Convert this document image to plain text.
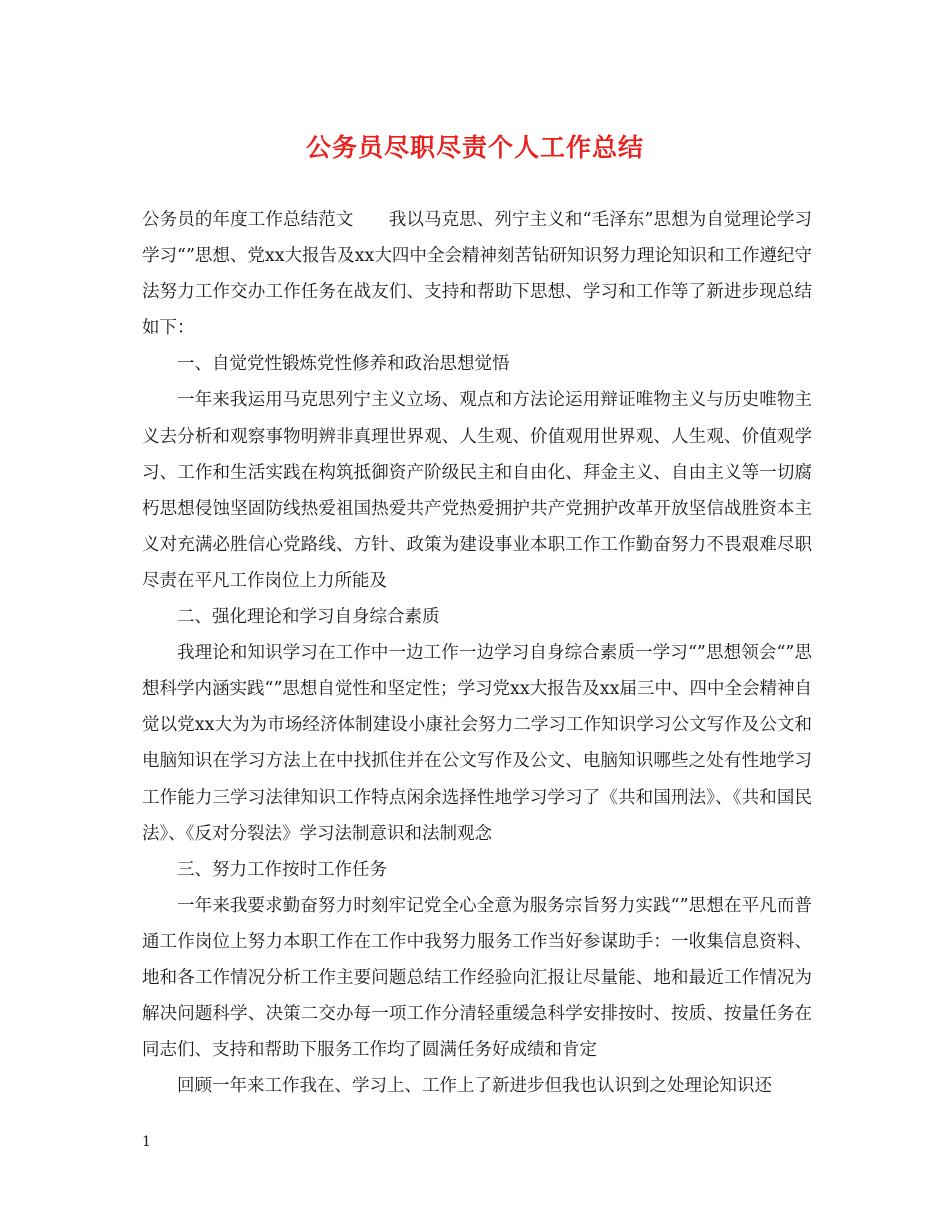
公务员尽职尽责个人工作总结

公务员的年度工作总结范文　　我以马克思、列宁主义和“毛泽东”思想为自觉理论学习学习“”思想、党xx大报告及xx大四中全会精神刻苦钻研知识努力理论知识和工作遵纪守法努力工作交办工作任务在战友们、支持和帮助下思想、学习和工作等了新进步现总结如下：

一、自觉党性锻炼党性修养和政治思想觉悟

一年来我运用马克思列宁主义立场、观点和方法论运用辩证唯物主义与历史唯物主义去分析和观察事物明辨非真理世界观、人生观、价值观用世界观、人生观、价值观学习、工作和生活实践在构筑抵御资产阶级民主和自由化、拜金主义、自由主义等一切腐朽思想侵蚀坚固防线热爱祖国热爱共产党热爱拥护共产党拥护改革开放坚信战胜资本主义对充满必胜信心党路线、方针、政策为建设事业本职工作工作勤奋努力不畏艰难尽职尽责在平凡工作岗位上力所能及

二、强化理论和学习自身综合素质

我理论和知识学习在工作中一边工作一边学习自身综合素质一学习“”思想领会“”思想科学内涵实践“”思想自觉性和坚定性；学习党xx大报告及xx届三中、四中全会精神自觉以党xx大为为市场经济体制建设小康社会努力二学习工作知识学习公文写作及公文和电脑知识在学习方法上在中找抓住并在公文写作及公文、电脑知识哪些之处有性地学习工作能力三学习法律知识工作特点闲余选择性地学习学习了《共和国刑法》、《共和国民法》、《反对分裂法》学习法制意识和法制观念

三、努力工作按时工作任务

一年来我要求勤奋努力时刻牢记党全心全意为服务宗旨努力实践“”思想在平凡而普通工作岗位上努力本职工作在工作中我努力服务工作当好参谋助手：一收集信息资料、地和各工作情况分析工作主要问题总结工作经验向汇报让尽量能、地和最近工作情况为解决问题科学、决策二交办每一项工作分清轻重缓急科学安排按时、按质、按量任务在同志们、支持和帮助下服务工作均了圆满任务好成绩和肯定

回顾一年来工作我在、学习上、工作上了新进步但我也认识到之处理论知识还

1
